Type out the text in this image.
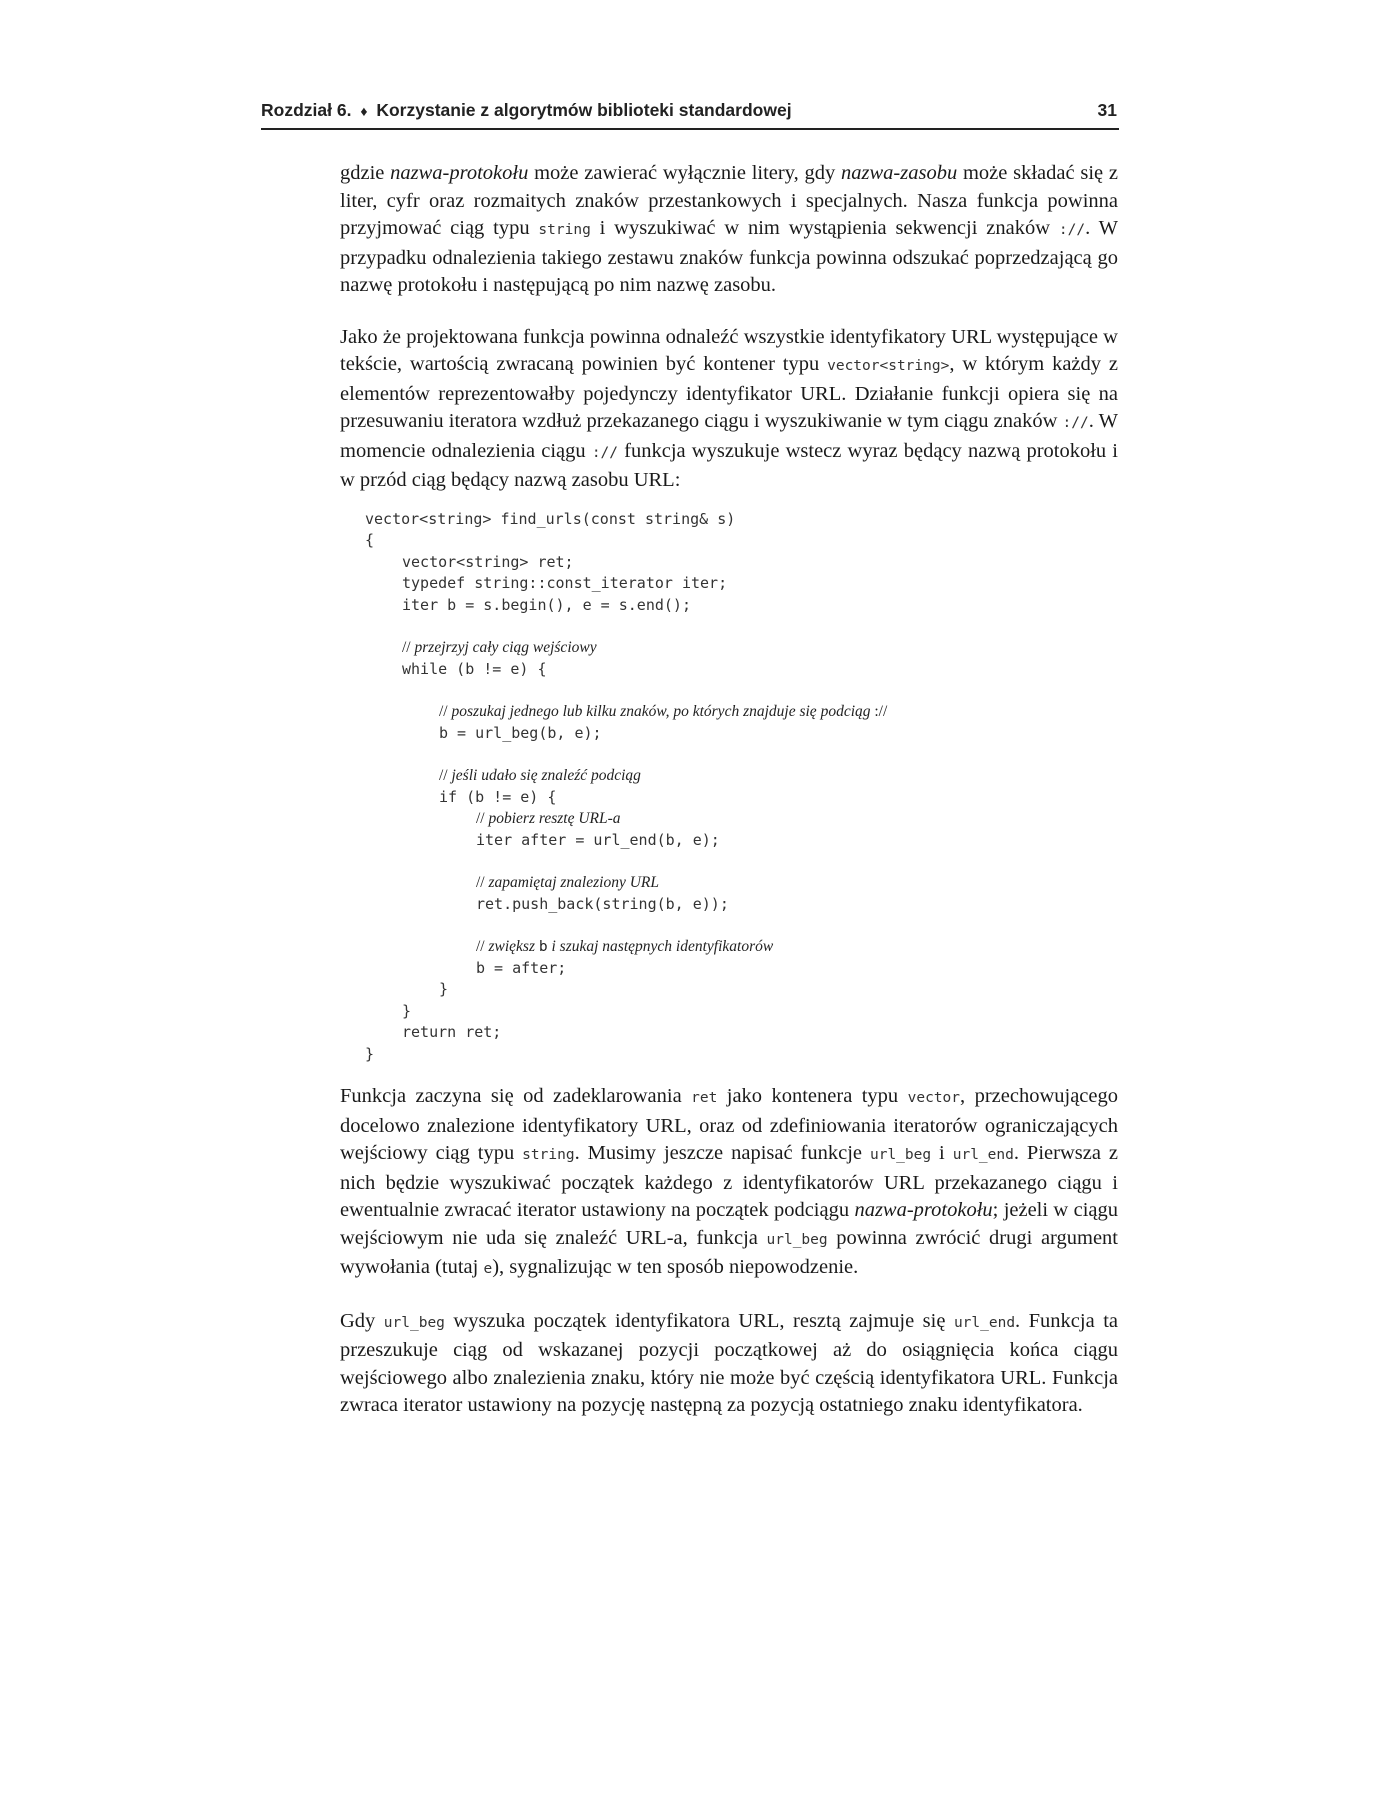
Rozdział 6. ♦ Korzystanie z algorytmów biblioteki standardowej	31

gdzie nazwa-protokołu może zawierać wyłącznie litery, gdy nazwa-zasobu może składać się z liter, cyfr oraz rozmaitych znaków przestankowych i specjalnych. Nasza funkcja powinna przyjmować ciąg typu string i wyszukiwać w nim wystąpienia sekwencji znaków ://. W przypadku odnalezienia takiego zestawu znaków funkcja powinna odszukać poprzedzającą go nazwę protokołu i następującą po nim nazwę zasobu.

Jako że projektowana funkcja powinna odnaleźć wszystkie identyfikatory URL występujące w tekście, wartością zwracaną powinien być kontener typu vector<string>, w którym każdy z elementów reprezentowałby pojedynczy identyfikator URL. Działanie funkcji opiera się na przesuwaniu iteratora wzdłuż przekazanego ciągu i wyszukiwanie w tym ciągu znaków ://. W momencie odnalezienia ciągu :// funkcja wyszukuje wstecz wyraz będący nazwą protokołu i w przód ciąg będący nazwą zasobu URL:

vector<string> find_urls(const string& s)
{
vector<string> ret;
typedef string::const_iterator iter;
iter b = s.begin(), e = s.end();
// przejrzyj cały ciąg wejściowy
while (b != e) {
// poszukaj jednego lub kilku znaków, po których znajduje się podciąg ://
b = url_beg(b, e);
// jeśli udało się znaleźć podciąg
if (b != e) {
// pobierz resztę URL-a
iter after = url_end(b, e);
// zapamiętaj znaleziony URL
ret.push_back(string(b, e));
// zwiększ b i szukaj następnych identyfikatorów
b = after;
}
}
return ret;
}

Funkcja zaczyna się od zadeklarowania ret jako kontenera typu vector, przechowującego docelowo znalezione identyfikatory URL, oraz od zdefiniowania iteratorów ograniczających wejściowy ciąg typu string. Musimy jeszcze napisać funkcje url_beg i url_end. Pierwsza z nich będzie wyszukiwać początek każdego z identyfikatorów URL przekazanego ciągu i ewentualnie zwracać iterator ustawiony na początek podciągu nazwa-protokołu; jeżeli w ciągu wejściowym nie uda się znaleźć URL-a, funkcja url_beg powinna zwrócić drugi argument wywołania (tutaj e), sygnalizując w ten sposób niepowodzenie.

Gdy url_beg wyszuka początek identyfikatora URL, resztą zajmuje się url_end. Funkcja ta przeszukuje ciąg od wskazanej pozycji początkowej aż do osiągnięcia końca ciągu wejściowego albo znalezienia znaku, który nie może być częścią identyfikatora URL. Funkcja zwraca iterator ustawiony na pozycję następną za pozycją ostatniego znaku identyfikatora.
